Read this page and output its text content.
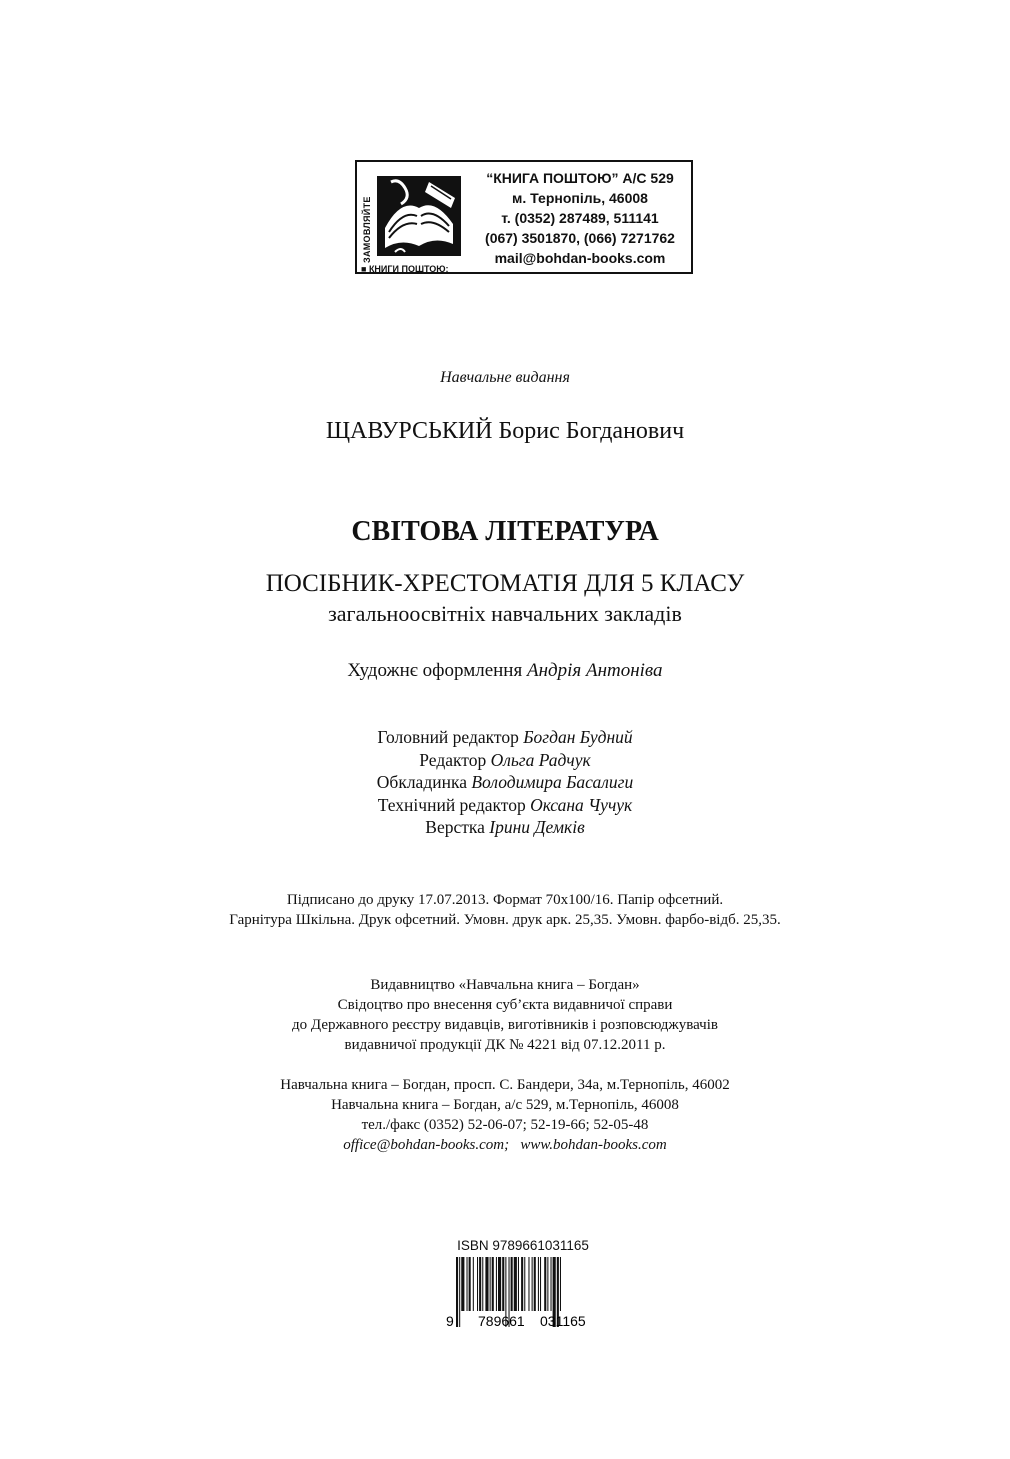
ЗАМОВЛЯЙТЕ
“КНИГА ПОШТОЮ” А/С 529
м. Тернопіль, 46008
т. (0352) 287489, 511141
(067) 3501870, (066) 7271762
mail@bohdan-books.com
■ КНИГИ ПОШТОЮ:
Навчальне видання
ЩАВУРСЬКИЙ Борис Богданович
СВІТОВА ЛІТЕРАТУРА
ПОСІБНИК-ХРЕСТОМАТІЯ ДЛЯ 5 КЛАСУ
загальноосвітніх навчальних закладів
Художнє оформлення Андрія Антоніва
Головний редактор Богдан Будний
Редактор Ольга Радчук
Обкладинка Володимира Басалиги
Технічний редактор Оксана Чучук
Верстка Ірини Демків
Підписано до друку 17.07.2013. Формат 70х100/16. Папір офсетний.
Гарнітура Шкільна. Друк офсетний. Умовн. друк арк. 25,35. Умовн. фарбо-відб. 25,35.
Видавництво «Навчальна книга – Богдан»
Свідоцтво про внесення суб’єкта видавничої справи
до Державного реєстру видавців, виготівників і розповсюджувачів
видавничої продукції ДК № 4221 від 07.12.2011 р.
Навчальна книга – Богдан, просп. С. Бандери, 34а, м.Тернопіль, 46002
Навчальна книга – Богдан, а/с 529, м.Тернопіль, 46008
тел./факс (0352) 52-06-07; 52-19-66; 52-05-48
office@bohdan-books.com;   www.bohdan-books.com
ISBN 9789661031165
9 789661 031165
